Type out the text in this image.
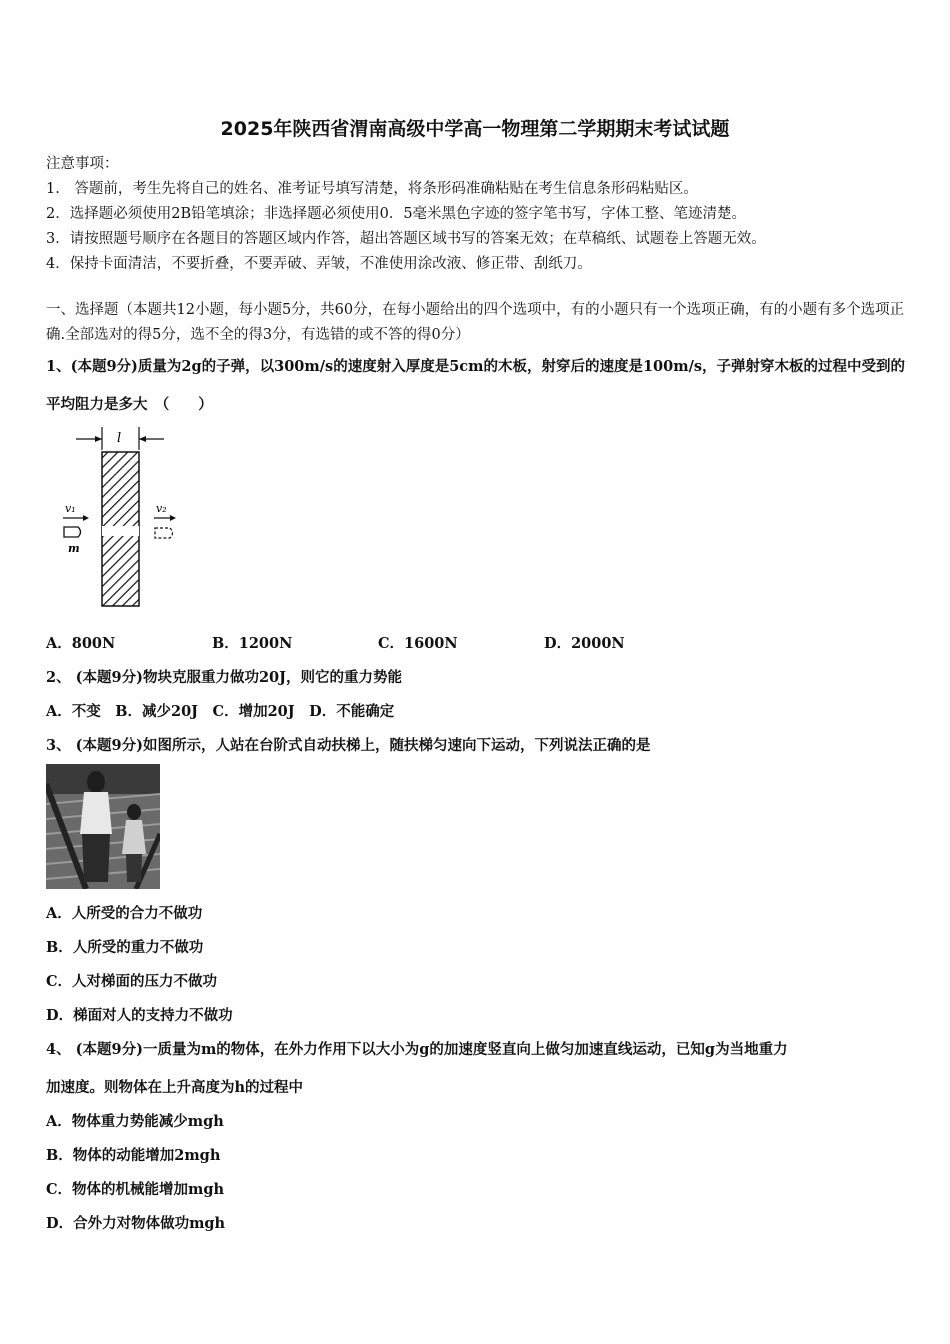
2025年陕西省渭南高级中学高一物理第二学期期末考试试题
注意事项：
1.　答题前，考生先将自己的姓名、准考证号填写清楚，将条形码准确粘贴在考生信息条形码粘贴区。
2．选择题必须使用2B铅笔填涂；非选择题必须使用0．5毫米黑色字迹的签字笔书写，字体工整、笔迹清楚。
3．请按照题号顺序在各题目的答题区域内作答，超出答题区域书写的答案无效；在草稿纸、试题卷上答题无效。
4．保持卡面清洁，不要折叠，不要弄破、弄皱，不准使用涂改液、修正带、刮纸刀。
一、选择题（本题共12小题，每小题5分，共60分，在每小题给出的四个选项中，有的小题只有一个选项正确，有的小题有多个选项正确.全部选对的得5分，选不全的得3分，有选错的或不答的得0分）
1、(本题9分)质量为2g的子弹，以300m/s的速度射入厚度是5cm的木板，射穿后的速度是100m/s，子弹射穿木板的过程中受到的平均阻力是多大　（　　）
l
v₁
m
v₂
A．800N	B．1200N	C．1600N	D．2000N
2、 (本题9分)物块克服重力做功20J，则它的重力势能
A．不变　B．减少20J　C．增加20J　D．不能确定
3、 (本题9分)如图所示，人站在台阶式自动扶梯上，随扶梯匀速向下运动，下列说法正确的是
A．人所受的合力不做功
B．人所受的重力不做功
C．人对梯面的压力不做功
D．梯面对人的支持力不做功
4、 (本题9分)一质量为m的物体，在外力作用下以大小为g的加速度竖直向上做匀加速直线运动，已知g为当地重力
加速度。则物体在上升高度为h的过程中
A．物体重力势能减少mgh
B．物体的动能增加2mgh
C．物体的机械能增加mgh
D．合外力对物体做功mgh
